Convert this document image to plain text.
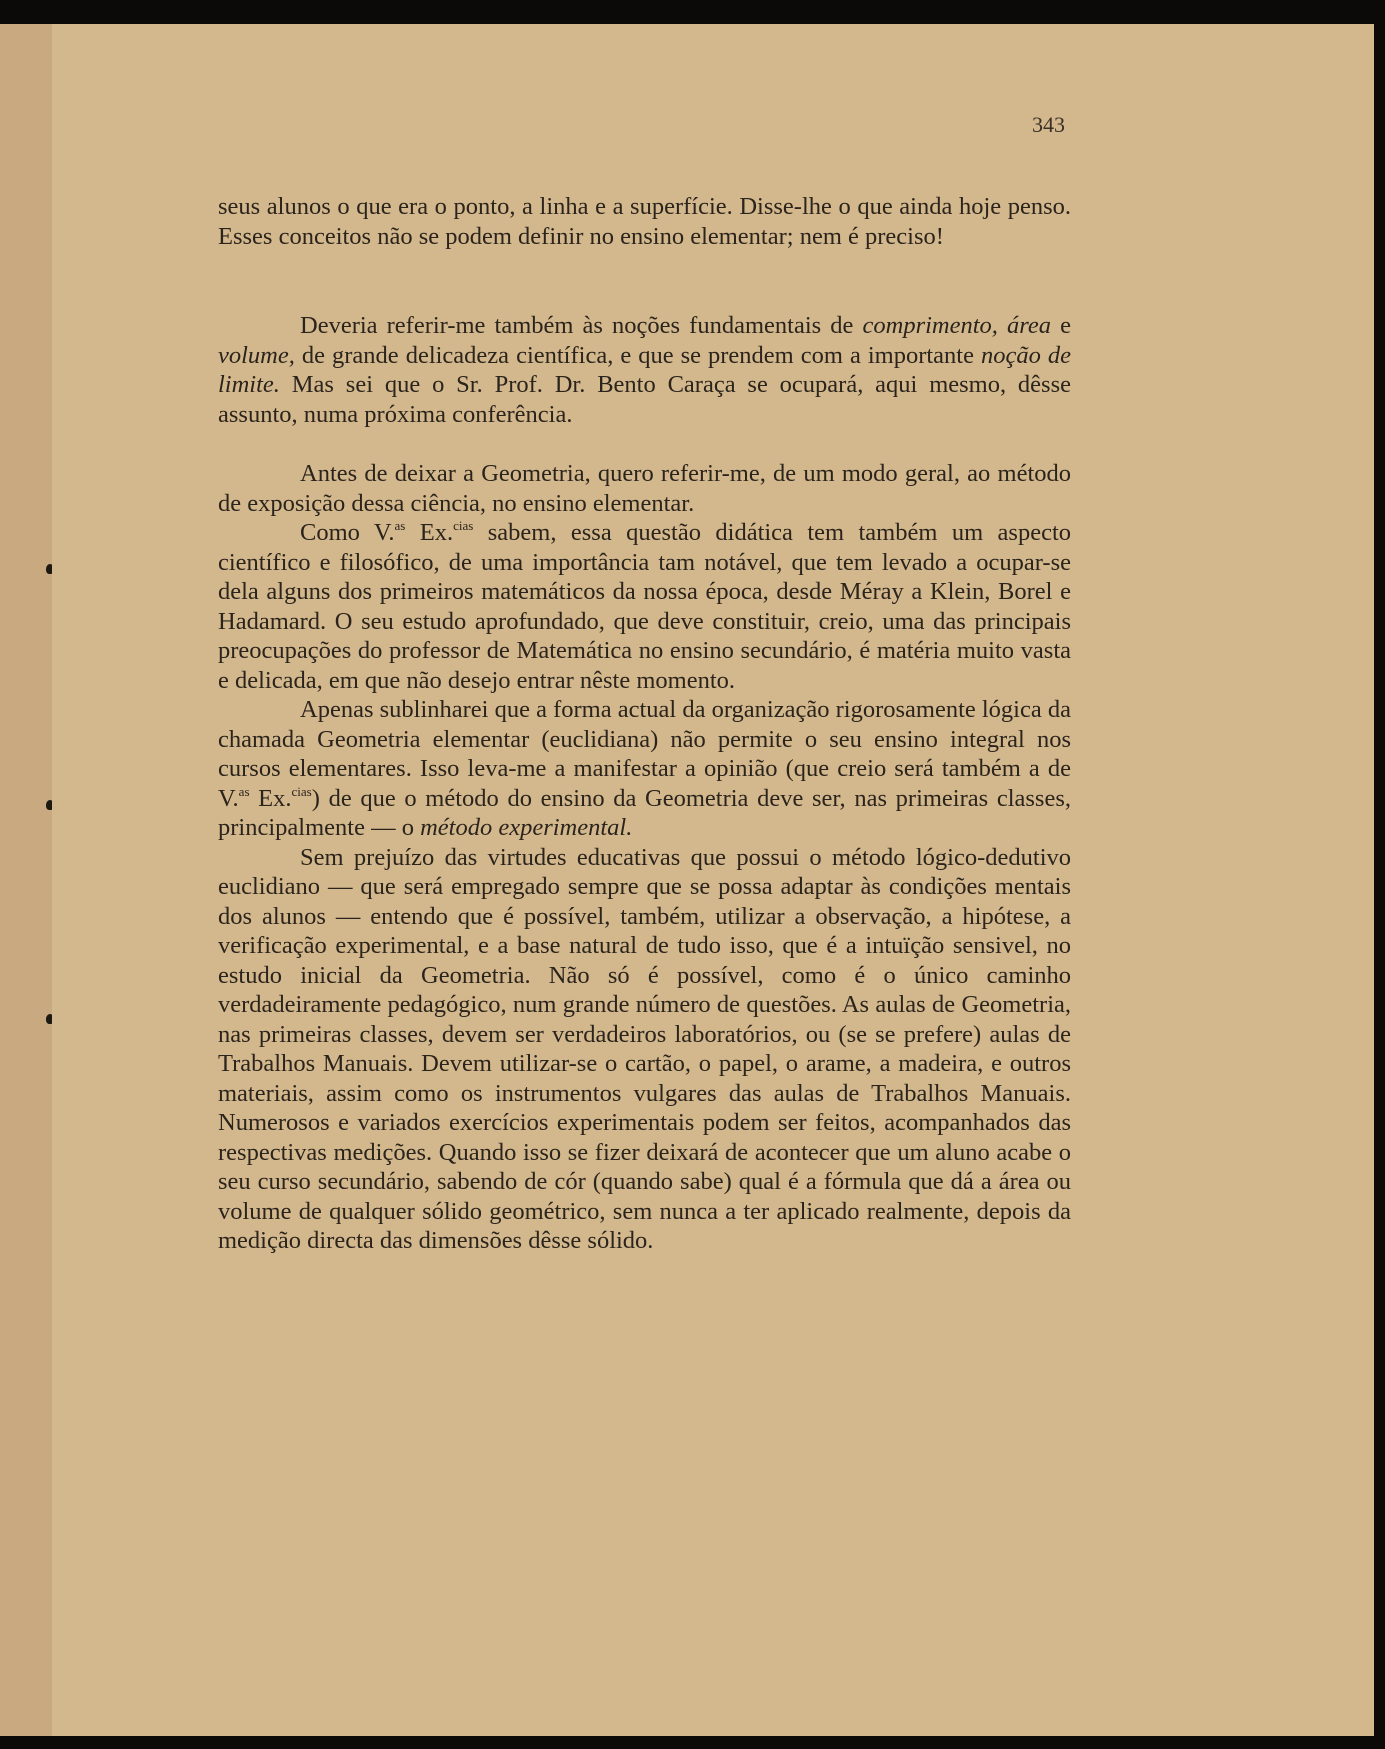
343

seus alunos o que era o ponto, a linha e a superfície. Disse-lhe o que ainda hoje penso. Esses conceitos não se podem definir no ensino elementar; nem é preciso!

Deveria referir-me também às noções fundamentais de comprimento, área e volume, de grande delicadeza científica, e que se prendem com a importante noção de limite. Mas sei que o Sr. Prof. Dr. Bento Caraça se ocupará, aqui mesmo, dêsse assunto, numa próxima conferência.

Antes de deixar a Geometria, quero referir-me, de um modo geral, ao método de exposição dessa ciência, no ensino elementar.

Como V.$^{as}$ Ex.$^{cias}$ sabem, essa questão didática tem também um aspecto científico e filosófico, de uma importância tam notável, que tem levado a ocupar-se dela alguns dos primeiros matemáticos da nossa época, desde Méray a Klein, Borel e Hadamard. O seu estudo aprofundado, que deve constituir, creio, uma das principais preocupações do professor de Matemática no ensino secundário, é matéria muito vasta e delicada, em que não desejo entrar nêste momento.

Apenas sublinharei que a forma actual da organização rigorosamente lógica da chamada Geometria elementar (euclidiana) não permite o seu ensino integral nos cursos elementares. Isso leva-me a manifestar a opinião (que creio será também a de V.$^{as}$ Ex.$^{cias}$) de que o método do ensino da Geometria deve ser, nas primeiras classes, principalmente — o método experimental.

Sem prejuízo das virtudes educativas que possui o método lógico-dedutivo euclidiano — que será empregado sempre que se possa adaptar às condições mentais dos alunos — entendo que é possível, também, utilizar a observação, a hipótese, a verificação experimental, e a base natural de tudo isso, que é a intuïção sensivel, no estudo inicial da Geometria. Não só é possível, como é o único caminho verdadeiramente pedagógico, num grande número de questões. As aulas de Geometria, nas primeiras classes, devem ser verdadeiros laboratórios, ou (se se prefere) aulas de Trabalhos Manuais. Devem utilizar-se o cartão, o papel, o arame, a madeira, e outros materiais, assim como os instrumentos vulgares das aulas de Trabalhos Manuais. Numerosos e variados exercícios experimentais podem ser feitos, acompanhados das respectivas medições. Quando isso se fizer deixará de acontecer que um aluno acabe o seu curso secundário, sabendo de cór (quando sabe) qual é a fórmula que dá a área ou volume de qualquer sólido geométrico, sem nunca a ter aplicado realmente, depois da medição directa das dimensões dêsse sólido.
